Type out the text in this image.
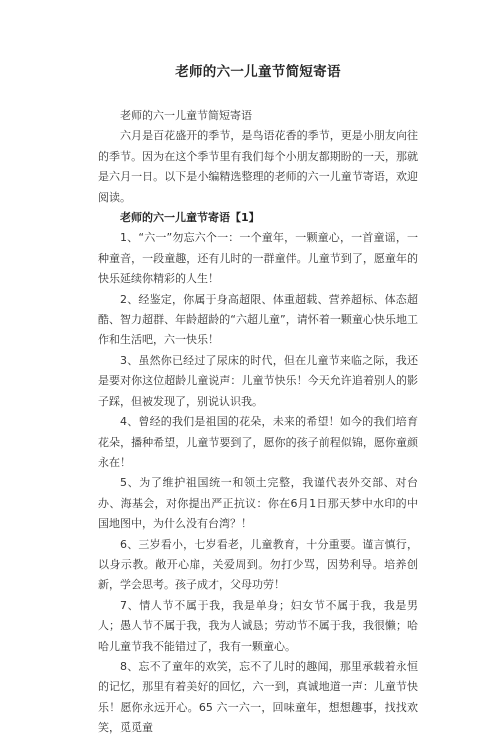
老师的六一儿童节简短寄语

老师的六一儿童节简短寄语

六月是百花盛开的季节，是鸟语花香的季节，更是小朋友向往的季节。因为在这个季节里有我们每个小朋友都期盼的一天，那就是六月一日。以下是小编精选整理的老师的六一儿童节寄语，欢迎阅读。

老师的六一儿童节寄语【1】

1、“六一”勿忘六个一：一个童年，一颗童心，一首童谣，一种童音，一段童趣，还有儿时的一群童伴。儿童节到了，愿童年的快乐延续你精彩的人生！

2、经鉴定，你属于身高超限、体重超载、营养超标、体态超酷、智力超群、年龄超龄的“六超儿童”，请怀着一颗童心快乐地工作和生活吧，六一快乐！

3、虽然你已经过了尿床的时代，但在儿童节来临之际，我还是要对你这位超龄儿童说声：儿童节快乐！今天允许追着别人的影子踩，但被发现了，别说认识我。

4、曾经的我们是祖国的花朵，未来的希望！如今的我们培育花朵，播种希望，儿童节要到了，愿你的孩子前程似锦，愿你童颜永在！

5、为了维护祖国统一和领土完整，我谨代表外交部、对台办、海基会，对你提出严正抗议：你在6月1日那天梦中水印的中国地图中，为什么没有台湾？！

6、三岁看小，七岁看老，儿童教育，十分重要。谨言慎行，以身示教。敞开心扉，关爱周到。勿打少骂，因势利导。培养创新，学会思考。孩子成才，父母功劳！

7、情人节不属于我，我是单身；妇女节不属于我，我是男人；愚人节不属于我，我为人诚恳；劳动节不属于我，我很懒；哈哈儿童节我不能错过了，我有一颗童心。

8、忘不了童年的欢笑，忘不了儿时的趣闻，那里承载着永恒的记忆，那里有着美好的回忆，六一到，真诚地道一声：儿童节快乐！愿你永远开心。65 六一六一，回味童年，想想趣事，找找欢笑，觅觅童
